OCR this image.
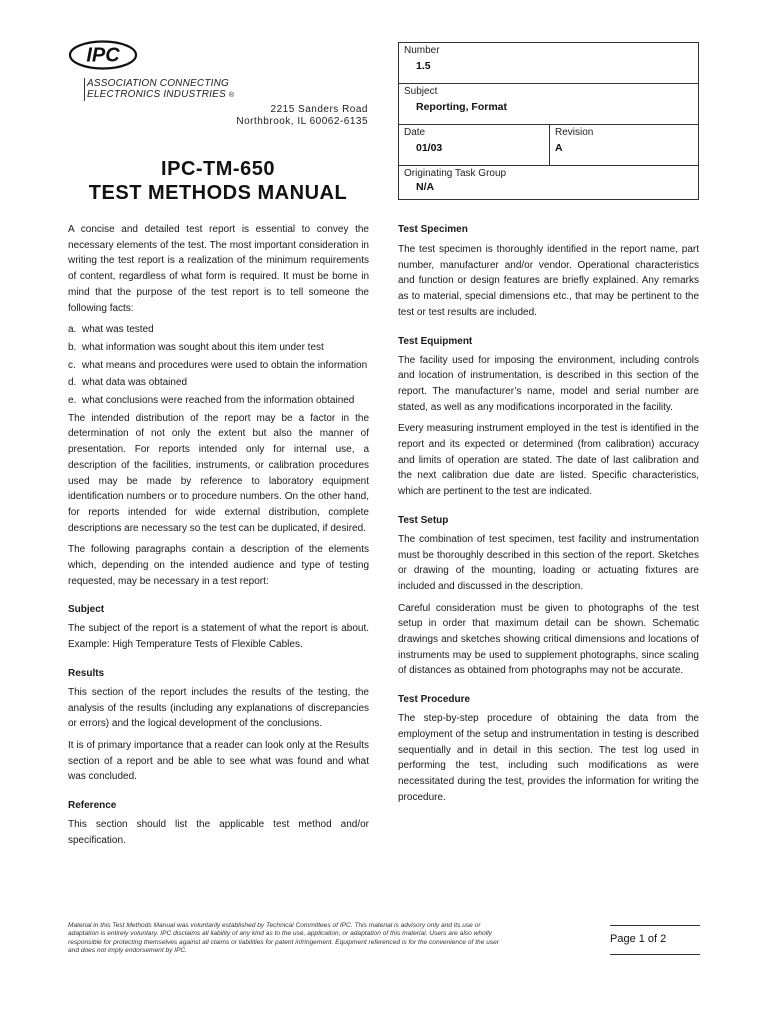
IPC
ASSOCIATION CONNECTING
ELECTRONICS INDUSTRIES ®
2215 Sanders Road
Northbrook, IL 60062-6135
IPC-TM-650
TEST METHODS MANUAL
Number
1.5
Subject
Reporting, Format
Date
01/03
Revision
A
Originating Task Group
N/A

A concise and detailed test report is essential to convey the necessary elements of the test. The most important consideration in writing the test report is a realization of the minimum requirements of content, regardless of what form is required. It must be borne in mind that the purpose of the test report is to tell someone the following facts:

a. what was tested
b. what information was sought about this item under test
c. what means and procedures were used to obtain the information
d. what data was obtained
e. what conclusions were reached from the information obtained

The intended distribution of the report may be a factor in the determination of not only the extent but also the manner of presentation. For reports intended only for internal use, a description of the facilities, instruments, or calibration procedures used may be made by reference to laboratory equipment identification numbers or to procedure numbers. On the other hand, for reports intended for wide external distribution, complete descriptions are necessary so the test can be duplicated, if desired.

The following paragraphs contain a description of the elements which, depending on the intended audience and type of testing requested, may be necessary in a test report:

Subject

The subject of the report is a statement of what the report is about. Example: High Temperature Tests of Flexible Cables.

Results

This section of the report includes the results of the testing, the analysis of the results (including any explanations of discrepancies or errors) and the logical development of the conclusions.

It is of primary importance that a reader can look only at the Results section of a report and be able to see what was found and what was concluded.

Reference

This section should list the applicable test method and/or specification.

Test Specimen

The test specimen is thoroughly identified in the report name, part number, manufacturer and/or vendor. Operational characteristics and function or design features are briefly explained. Any remarks as to material, special dimensions etc., that may be pertinent to the test or test results are included.

Test Equipment

The facility used for imposing the environment, including controls and location of instrumentation, is described in this section of the report. The manufacturer’s name, model and serial number are stated, as well as any modifications incorporated in the facility.

Every measuring instrument employed in the test is identified in the report and its expected or determined (from calibration) accuracy and limits of operation are stated. The date of last calibration and the next calibration due date are listed. Specific characteristics, which are pertinent to the test are indicated.

Test Setup

The combination of test specimen, test facility and instrumentation must be thoroughly described in this section of the report. Sketches or drawing of the mounting, loading or actuating fixtures are included and discussed in the description.

Careful consideration must be given to photographs of the test setup in order that maximum detail can be shown. Schematic drawings and sketches showing critical dimensions and locations of instruments may be used to supplement photographs, since scaling of distances as obtained from photographs may not be accurate.

Test Procedure

The step-by-step procedure of obtaining the data from the employment of the setup and instrumentation in testing is described sequentially and in detail in this section. The test log used in performing the test, including such modifications as were necessitated during the test, provides the information for writing the procedure.

Material in this Test Methods Manual was voluntarily established by Technical Committees of IPC. This material is advisory only and its use or adaptation is entirely voluntary. IPC disclaims all liability of any kind as to the use, application, or adaptation of this material. Users are also wholly responsible for protecting themselves against all claims or liabilities for patent infringement. Equipment referenced is for the convenience of the user and does not imply endorsement by IPC.
Page 1 of 2
